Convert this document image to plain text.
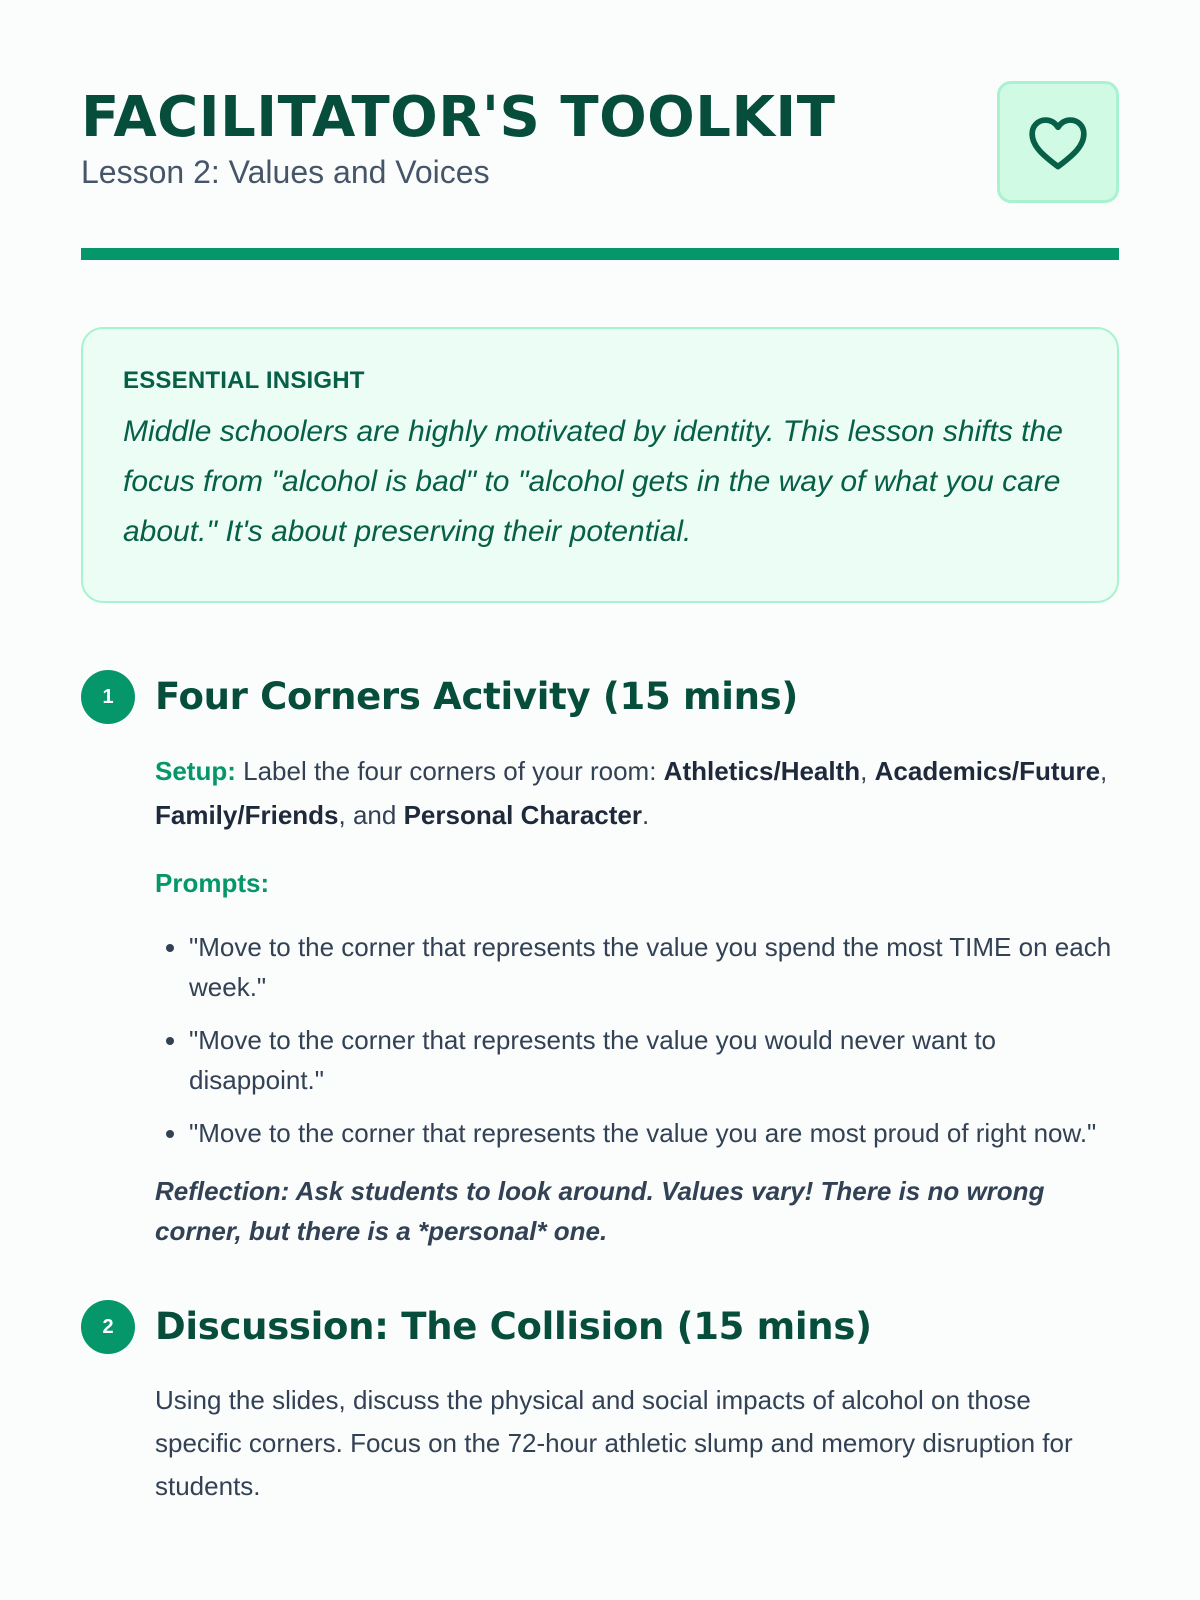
FACILITATOR'S TOOLKIT
Lesson 2: Values and Voices
ESSENTIAL INSIGHT
Middle schoolers are highly motivated by identity. This lesson shifts the focus from "alcohol is bad" to "alcohol gets in the way of what you care about." It's about preserving their potential.
1	Four Corners Activity (15 mins)

Setup: Label the four corners of your room: Athletics/Health, Academics/Future, Family/Friends, and Personal Character.

Prompts:

• "Move to the corner that represents the value you spend the most TIME on each week."
• "Move to the corner that represents the value you would never want to disappoint."
• "Move to the corner that represents the value you are most proud of right now."
Reflection: Ask students to look around. Values vary! There is no wrong corner, but there is a *personal* one.
2	Discussion: The Collision (15 mins)

Using the slides, discuss the physical and social impacts of alcohol on those specific corners. Focus on the 72-hour athletic slump and memory disruption for students.
